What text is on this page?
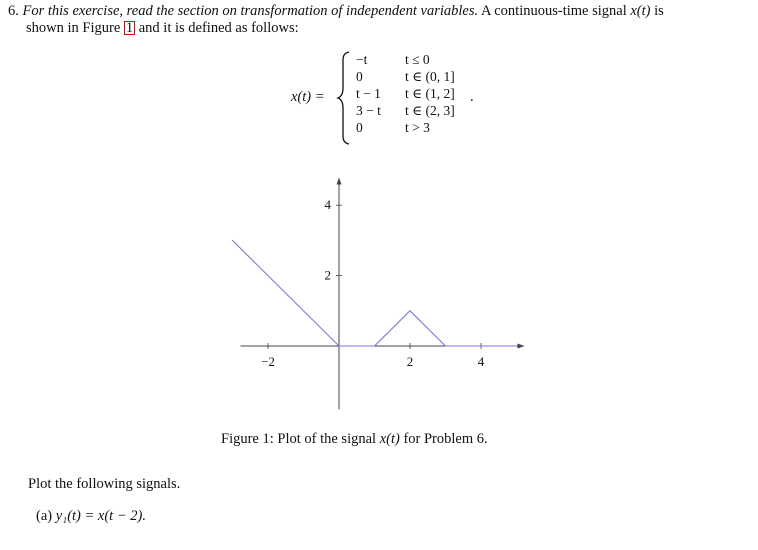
6. For this exercise, read the section on transformation of independent variables. A continuous-time signal x(t) is
shown in Figure 1 and it is defined as follows:
x(t) =
−t
0
t − 1
3 − t
0
t ≤ 0
t ∈ (0, 1]
t ∈ (1, 2]
t ∈ (2, 3]
t > 3
.
−2	2	4
2
4
Figure 1: Plot of the signal x(t) for Problem 6.
Plot the following signals.
(a) y₁(t) = x(t − 2).
